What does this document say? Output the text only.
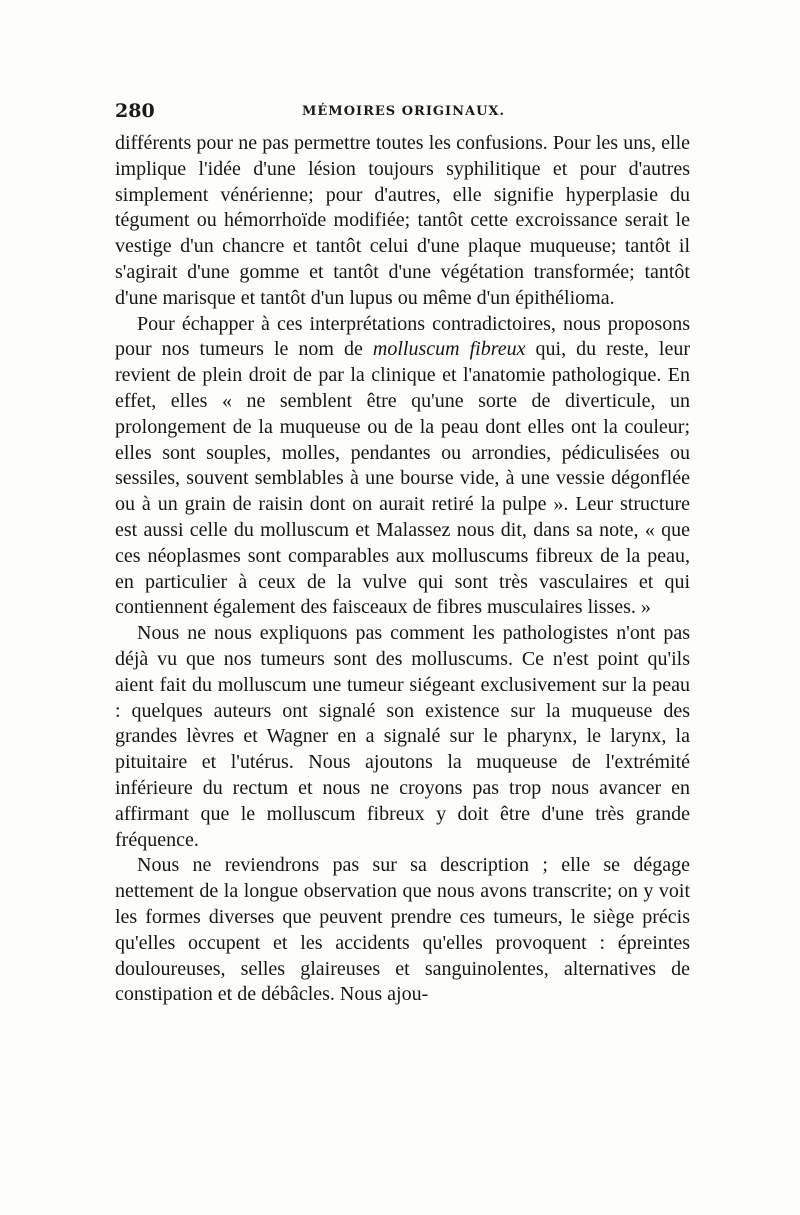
280	MÉMOIRES ORIGINAUX.

différents pour ne pas permettre toutes les confusions. Pour les uns, elle implique l'idée d'une lésion toujours syphilitique et pour d'autres simplement vénérienne; pour d'autres, elle signifie hyperplasie du tégument ou hémorrhoïde modifiée; tantôt cette excroissance serait le vestige d'un chancre et tantôt celui d'une plaque muqueuse; tantôt il s'agirait d'une gomme et tantôt d'une végétation transformée; tantôt d'une marisque et tantôt d'un lupus ou même d'un épithélioma.

Pour échapper à ces interprétations contradictoires, nous proposons pour nos tumeurs le nom de molluscum fibreux qui, du reste, leur revient de plein droit de par la clinique et l'anatomie pathologique. En effet, elles « ne semblent être qu'une sorte de diverticule, un prolongement de la muqueuse ou de la peau dont elles ont la couleur; elles sont souples, molles, pendantes ou arrondies, pédiculisées ou sessiles, souvent semblables à une bourse vide, à une vessie dégonflée ou à un grain de raisin dont on aurait retiré la pulpe ». Leur structure est aussi celle du molluscum et Malassez nous dit, dans sa note, « que ces néoplasmes sont comparables aux molluscums fibreux de la peau, en particulier à ceux de la vulve qui sont très vasculaires et qui contiennent également des faisceaux de fibres musculaires lisses. »

Nous ne nous expliquons pas comment les pathologistes n'ont pas déjà vu que nos tumeurs sont des molluscums. Ce n'est point qu'ils aient fait du molluscum une tumeur siégeant exclusivement sur la peau : quelques auteurs ont signalé son existence sur la muqueuse des grandes lèvres et Wagner en a signalé sur le pharynx, le larynx, la pituitaire et l'utérus. Nous ajoutons la muqueuse de l'extrémité inférieure du rectum et nous ne croyons pas trop nous avancer en affirmant que le molluscum fibreux y doit être d'une très grande fréquence.

Nous ne reviendrons pas sur sa description ; elle se dégage nettement de la longue observation que nous avons transcrite; on y voit les formes diverses que peuvent prendre ces tumeurs, le siège précis qu'elles occupent et les accidents qu'elles provoquent : épreintes douloureuses, selles glaireuses et sanguinolentes, alternatives de constipation et de débâcles. Nous ajou-
